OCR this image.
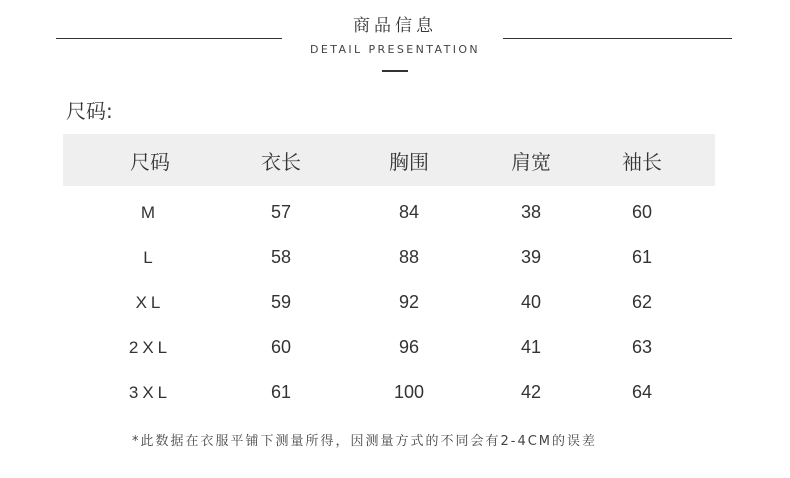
商品信息
DETAIL PRESENTATION
尺码:
尺码	衣长	胸围	肩宽	袖长
M	57	84	38	60
L	58	88	39	61
XL	59	92	40	62
2XL	60	96	41	63
3XL	61	100	42	64
*此数据在衣服平铺下测量所得，因测量方式的不同会有2-4CM的误差
